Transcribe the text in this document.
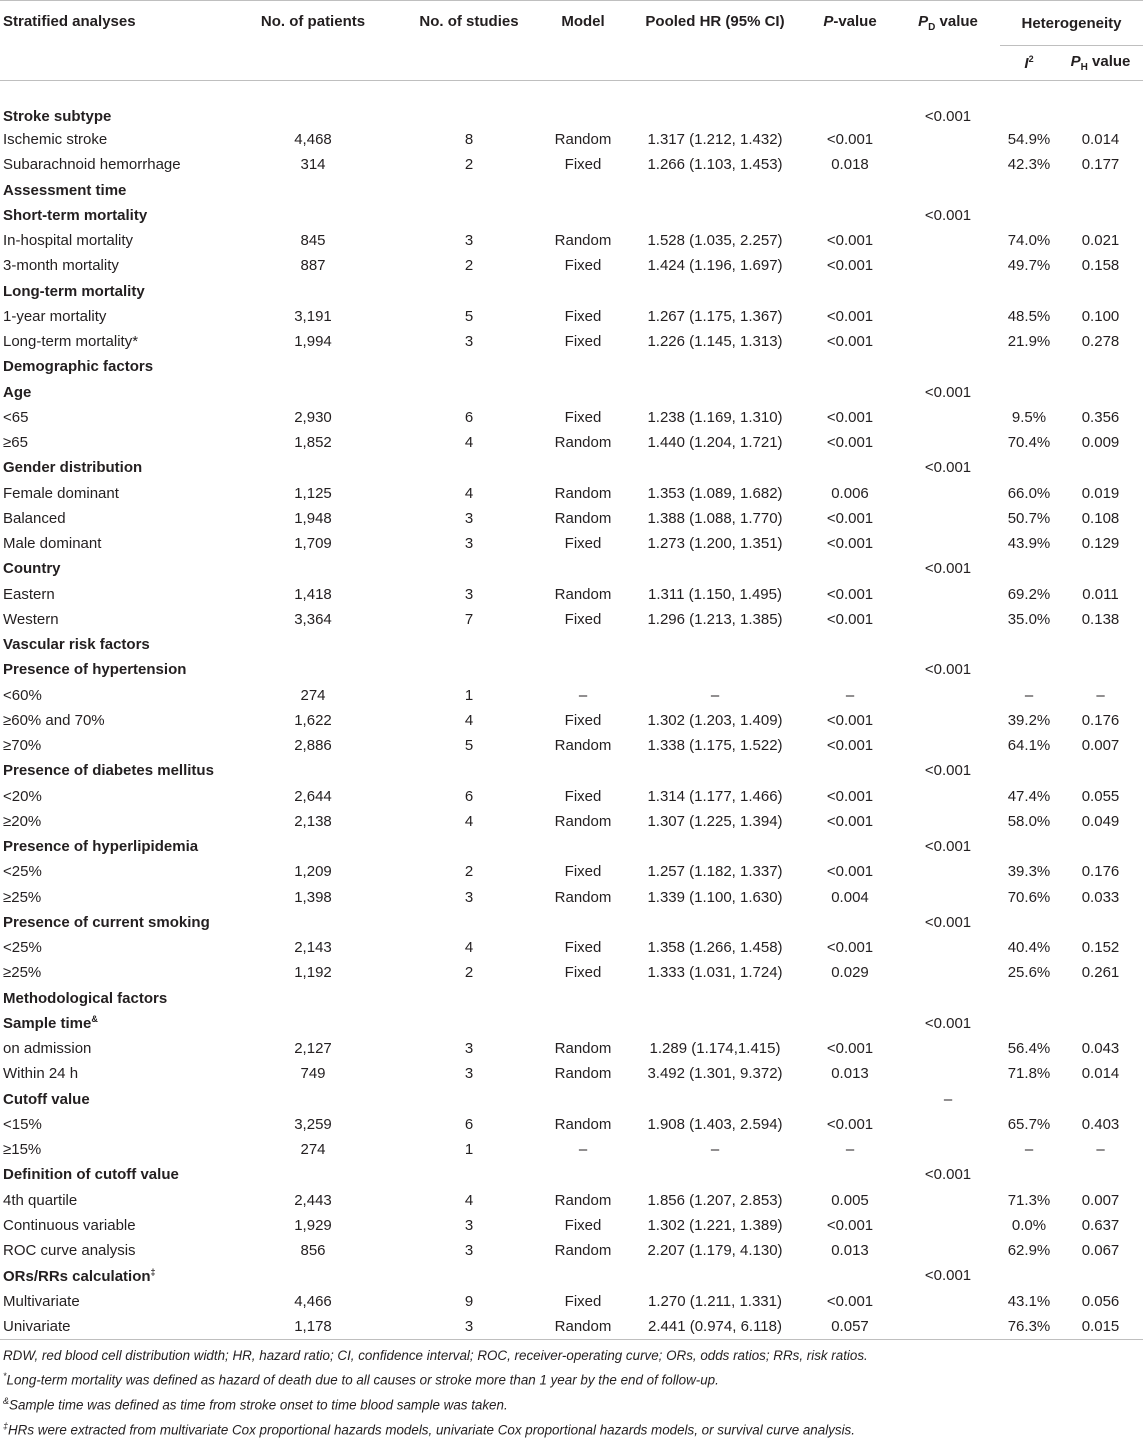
Stratified analyses	No. of patients	No. of studies	Model	Pooled HR (95% CI)	P-value	$P_D$ value	Heterogeneity	
							$I^2$	$P_H$ value
Stroke subtype						<0.001		
Ischemic stroke	4,468	8	Random	1.317 (1.212, 1.432)	<0.001		54.9%	0.014
Subarachnoid hemorrhage	314	2	Fixed	1.266 (1.103, 1.453)	0.018		42.3%	0.177
Assessment time								
Short-term mortality						<0.001		
In-hospital mortality	845	3	Random	1.528 (1.035, 2.257)	<0.001		74.0%	0.021
3-month mortality	887	2	Fixed	1.424 (1.196, 1.697)	<0.001		49.7%	0.158
Long-term mortality								
1-year mortality	3,191	5	Fixed	1.267 (1.175, 1.367)	<0.001		48.5%	0.100
Long-term mortality*	1,994	3	Fixed	1.226 (1.145, 1.313)	<0.001		21.9%	0.278
Demographic factors								
Age						<0.001		
<65	2,930	6	Fixed	1.238 (1.169, 1.310)	<0.001		9.5%	0.356
≥65	1,852	4	Random	1.440 (1.204, 1.721)	<0.001		70.4%	0.009
Gender distribution						<0.001		
Female dominant	1,125	4	Random	1.353 (1.089, 1.682)	0.006		66.0%	0.019
Balanced	1,948	3	Random	1.388 (1.088, 1.770)	<0.001		50.7%	0.108
Male dominant	1,709	3	Fixed	1.273 (1.200, 1.351)	<0.001		43.9%	0.129
Country						<0.001		
Eastern	1,418	3	Random	1.311 (1.150, 1.495)	<0.001		69.2%	0.011
Western	3,364	7	Fixed	1.296 (1.213, 1.385)	<0.001		35.0%	0.138
Vascular risk factors								
Presence of hypertension						<0.001		
<60%	274	1	–	–	–		–	–
≥60% and 70%	1,622	4	Fixed	1.302 (1.203, 1.409)	<0.001		39.2%	0.176
≥70%	2,886	5	Random	1.338 (1.175, 1.522)	<0.001		64.1%	0.007
Presence of diabetes mellitus						<0.001		
<20%	2,644	6	Fixed	1.314 (1.177, 1.466)	<0.001		47.4%	0.055
≥20%	2,138	4	Random	1.307 (1.225, 1.394)	<0.001		58.0%	0.049
Presence of hyperlipidemia						<0.001		
<25%	1,209	2	Fixed	1.257 (1.182, 1.337)	<0.001		39.3%	0.176
≥25%	1,398	3	Random	1.339 (1.100, 1.630)	0.004		70.6%	0.033
Presence of current smoking						<0.001		
<25%	2,143	4	Fixed	1.358 (1.266, 1.458)	<0.001		40.4%	0.152
≥25%	1,192	2	Fixed	1.333 (1.031, 1.724)	0.029		25.6%	0.261
Methodological factors								
Sample time&						<0.001		
on admission	2,127	3	Random	1.289 (1.174,1.415)	<0.001		56.4%	0.043
Within 24 h	749	3	Random	3.492 (1.301, 9.372)	0.013		71.8%	0.014
Cutoff value						–		
<15%	3,259	6	Random	1.908 (1.403, 2.594)	<0.001		65.7%	0.403
≥15%	274	1	–	–	–		–	–
Definition of cutoff value						<0.001		
4th quartile	2,443	4	Random	1.856 (1.207, 2.853)	0.005		71.3%	0.007
Continuous variable	1,929	3	Fixed	1.302 (1.221, 1.389)	<0.001		0.0%	0.637
ROC curve analysis	856	3	Random	2.207 (1.179, 4.130)	0.013		62.9%	0.067
ORs/RRs calculation‡						<0.001		
Multivariate	4,466	9	Fixed	1.270 (1.211, 1.331)	<0.001		43.1%	0.056
Univariate	1,178	3	Random	2.441 (0.974, 6.118)	0.057		76.3%	0.015
RDW, red blood cell distribution width; HR, hazard ratio; CI, confidence interval; ROC, receiver-operating curve; ORs, odds ratios; RRs, risk ratios.
*Long-term mortality was defined as hazard of death due to all causes or stroke more than 1 year by the end of follow-up.
&Sample time was defined as time from stroke onset to time blood sample was taken.
‡HRs were extracted from multivariate Cox proportional hazards models, univariate Cox proportional hazards models, or survival curve analysis.
